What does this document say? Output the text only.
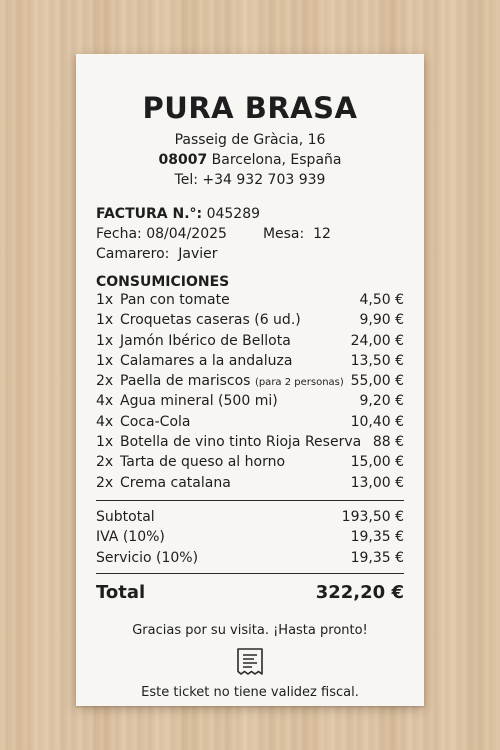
PURA BRASA
Passeig de Gràcia, 16
08007 Barcelona, España
Tel: +34 932 703 939
FACTURA N.°: 045289
Fecha: 08/04/2025	Mesa: 12
Camarero: Javier
CONSUMICIONES
1x Pan con tomate	4,50 €
1x Croquetas caseras (6 ud.)	9,90 €
1x Jamón Ibérico de Bellota	24,00 €
1x Calamares a la andaluza	13,50 €
2x Paella de mariscos (para 2 personas) 55,00 €
4x Agua mineral (500 mi)	9,20 €
4x Coca-Cola	10,40 €
1x Botella de vino tinto Rioja Reserva 88 €
2x Tarta de queso al horno	15,00 €
2x Crema catalana	13,00 €
Subtotal	193,50 €
IVA (10%)	19,35 €
Servicio (10%)	19,35 €
Total	322,20 €
Gracias por su visita. ¡Hasta pronto!
Este ticket no tiene validez fiscal.
